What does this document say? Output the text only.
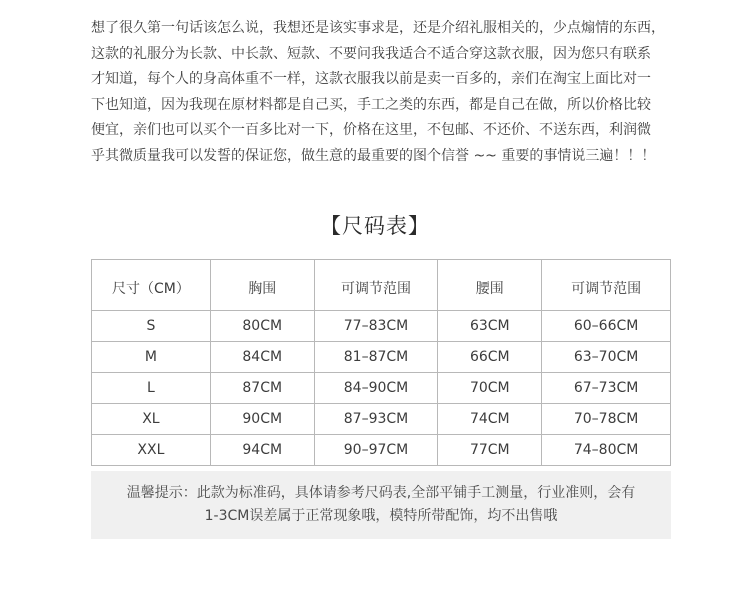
想了很久第一句话该怎么说，我想还是该实事求是，还是介绍礼服相关的，少点煽情的东西，

这款的礼服分为长款、中长款、短款、不要问我我适合不适合穿这款衣服，因为您只有联系

才知道，每个人的身高体重不一样，这款衣服我以前是卖一百多的，亲们在淘宝上面比对一

下也知道，因为我现在原材料都是自己买，手工之类的东西，都是自己在做，所以价格比较

便宜，亲们也可以买个一百多比对一下，价格在这里，不包邮、不还价、不送东西，利润微

乎其微质量我可以发誓的保证您，做生意的最重要的图个信誉 ~~ 重要的事情说三遍！！！

【尺码表】
尺寸（CM）	胸围	可调节范围	腰围	可调节范围
S	80CM	77–83CM	63CM	60–66CM
M	84CM	81–87CM	66CM	63–70CM
L	87CM	84–90CM	70CM	67–73CM
XL	90CM	87–93CM	74CM	70–78CM
XXL	94CM	90–97CM	77CM	74–80CM

温馨提示：此款为标准码，具体请参考尺码表,全部平铺手工测量，行业准则，会有

1-3CM误差属于正常现象哦，模特所带配饰，均不出售哦
